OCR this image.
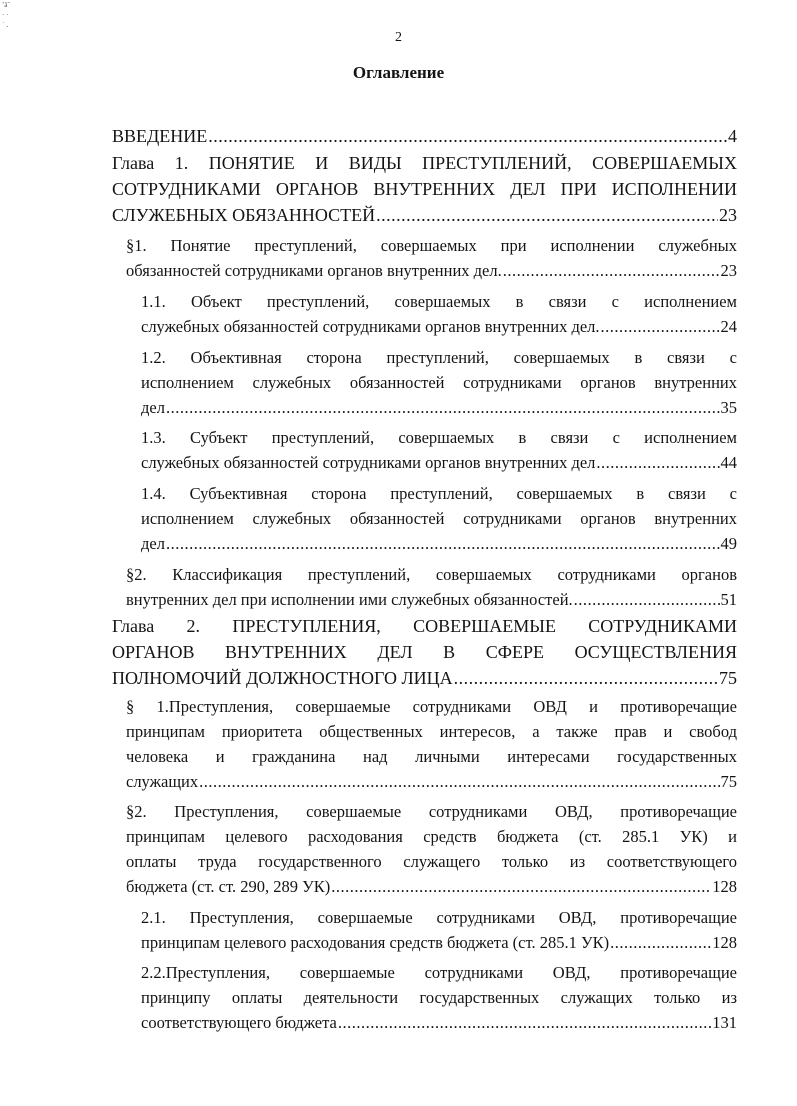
’äˇ · · ˙ ․
2
Оглавление
ВВЕДЕНИЕ .....	4
Глава 1. ПОНЯТИЕ И ВИДЫ ПРЕСТУПЛЕНИЙ, СОВЕРШАЕМЫХ
СОТРУДНИКАМИ ОРГАНОВ ВНУТРЕННИХ ДЕЛ ПРИ ИСПОЛНЕНИИ
СЛУЖЕБНЫХ ОБЯЗАННОСТЕЙ .....	23
§1. Понятие преступлений, совершаемых при исполнении служебных
обязанностей сотрудниками органов внутренних дел. .....	23
1.1. Объект преступлений, совершаемых в связи с исполнением
служебных обязанностей сотрудниками органов внутренних дел. .....	24
1.2. Объективная сторона преступлений, совершаемых в связи с
исполнением служебных обязанностей сотрудниками органов внутренних
дел .....	35
1.3. Субъект преступлений, совершаемых в связи с исполнением
служебных обязанностей сотрудниками органов внутренних дел .....	44
1.4. Субъективная сторона преступлений, совершаемых в связи с
исполнением служебных обязанностей сотрудниками органов внутренних
дел .....	49
§2. Классификация преступлений, совершаемых сотрудниками органов
внутренних дел при исполнении ими служебных обязанностей. .....	51
Глава 2. ПРЕСТУПЛЕНИЯ, СОВЕРШАЕМЫЕ СОТРУДНИКАМИ
ОРГАНОВ ВНУТРЕННИХ ДЕЛ В СФЕРЕ ОСУЩЕСТВЛЕНИЯ
ПОЛНОМОЧИЙ ДОЛЖНОСТНОГО ЛИЦА .....	75
§ 1.Преступления, совершаемые сотрудниками ОВД и противоречащие
принципам приоритета общественных интересов, а также прав и свобод
человека и гражданина над личными интересами государственных
служащих .....	75
§2. Преступления, совершаемые сотрудниками ОВД, противоречащие
принципам целевого расходования средств бюджета (ст. 285.1 УК) и
оплаты труда государственного служащего только из соответствующего
бюджета (ст. ст. 290, 289 УК) .....	128
2.1. Преступления, совершаемые сотрудниками ОВД, противоречащие
принципам целевого расходования средств бюджета (ст. 285.1 УК) .....	128
2.2.Преступления, совершаемые сотрудниками ОВД, противоречащие
принципу оплаты деятельности государственных служащих только из
соответствующего бюджета .....	131
